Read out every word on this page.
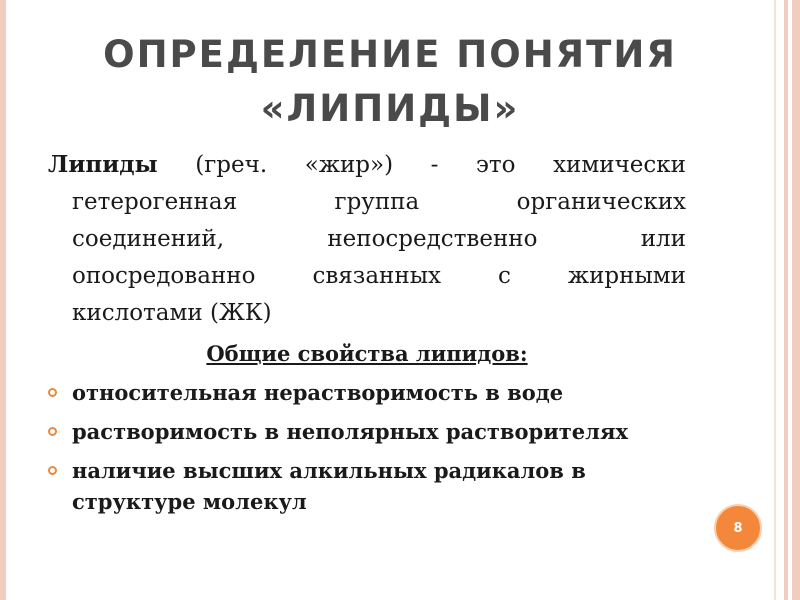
ОПРЕДЕЛЕНИЕ ПОНЯТИЯ
«ЛИПИДЫ»
Липиды (греч. «жир») - это химически
гетерогенная группа органических
соединений, непосредственно или
опосредованно связанных с жирными
кислотами (ЖК)
Общие свойства липидов:
относительная нерастворимость в воде
растворимость в неполярных растворителях
наличие высших алкильных радикалов в структуре молекул
8
